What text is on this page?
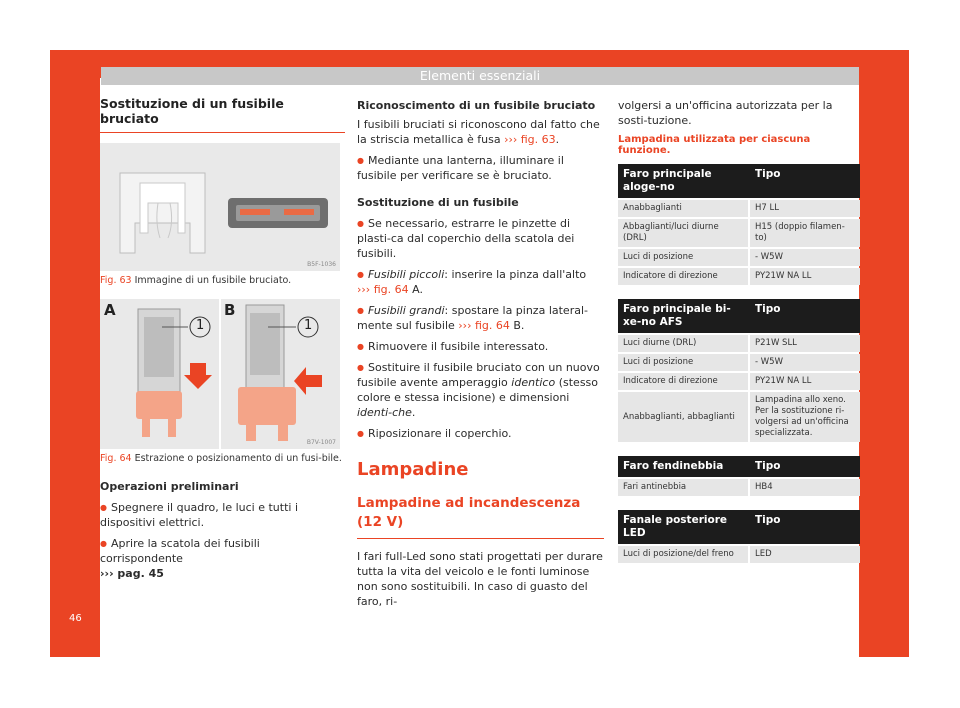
Elementi essenziali
46
Sostituzione di un fusibile bruciato
B5F-1036
Fig. 63 Immagine di un fusibile bruciato.
A	B
1	1
B7V-1007
Fig. 64 Estrazione o posizionamento di un fusi-bile.
Operazioni preliminari
● Spegnere il quadro, le luci e tutti i dispositivi elettrici.
● Aprire la scatola dei fusibili corrispondente
››› pag. 45
Riconoscimento di un fusibile bruciato
I fusibili bruciati si riconoscono dal fatto che la striscia metallica è fusa ››› fig. 63.
● Mediante una lanterna, illuminare il fusibile per verificare se è bruciato.
Sostituzione di un fusibile
● Se necessario, estrarre le pinzette di plasti-ca dal coperchio della scatola dei fusibili.
● Fusibili piccoli: inserire la pinza dall'alto
››› fig. 64 A.
● Fusibili grandi: spostare la pinza lateral-mente sul fusibile ››› fig. 64 B.
● Rimuovere il fusibile interessato.
● Sostituire il fusibile bruciato con un nuovo fusibile avente amperaggio identico (stesso colore e stessa incisione) e dimensioni identi-che.
● Riposizionare il coperchio.
Lampadine
Lampadine ad incandescenza (12 V)
I fari full-Led sono stati progettati per durare tutta la vita del veicolo e le fonti luminose non sono sostituibili. In caso di guasto del faro, ri-
volgersi a un'officina autorizzata per la sosti-tuzione.
Lampadina utilizzata per ciascuna funzione.
Faro principale aloge-no	Tipo
Anabbaglianti	H7 LL
Abbaglianti/luci diurne (DRL)	H15 (doppio filamen-to)
Luci di posizione	- W5W
Indicatore di direzione	PY21W NA LL
Faro principale bi-xe-no AFS	Tipo
Luci diurne (DRL)	P21W SLL
Luci di posizione	- W5W
Indicatore di direzione	PY21W NA LL
Anabbaglianti, abbaglianti	Lampadina allo xeno. Per la sostituzione ri-volgersi ad un'officina specializzata.
Faro fendinebbia	Tipo
Fari antinebbia	HB4
Fanale posteriore LED	Tipo
Luci di posizione/del freno	LED
